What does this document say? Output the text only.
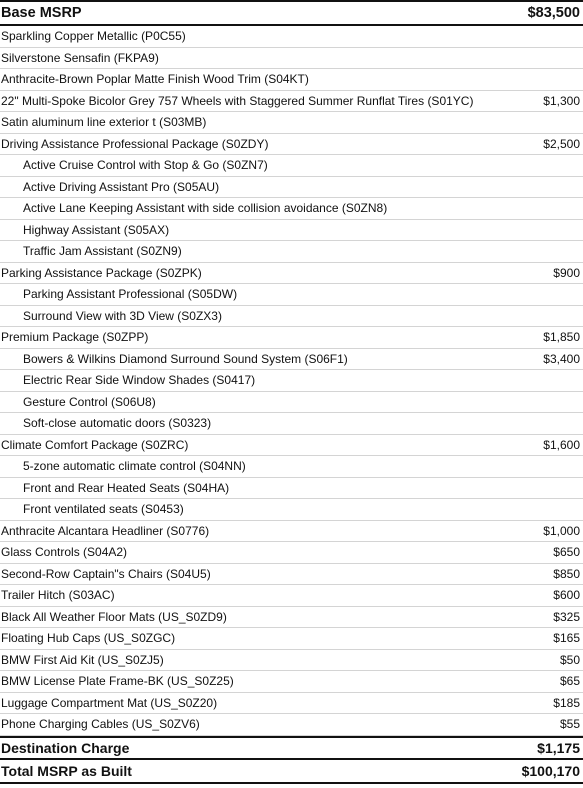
Base MSRP	$83,500
Sparkling Copper Metallic (P0C55)
Silverstone Sensafin (FKPA9)
Anthracite-Brown Poplar Matte Finish Wood Trim (S04KT)
22" Multi-Spoke Bicolor Grey 757 Wheels with Staggered Summer Runflat Tires (S01YC)	$1,300
Satin aluminum line exterior t (S03MB)
Driving Assistance Professional Package (S0ZDY)	$2,500
Active Cruise Control with Stop & Go (S0ZN7)
Active Driving Assistant Pro (S05AU)
Active Lane Keeping Assistant with side collision avoidance (S0ZN8)
Highway Assistant (S05AX)
Traffic Jam Assistant (S0ZN9)
Parking Assistance Package (S0ZPK)	$900
Parking Assistant Professional (S05DW)
Surround View with 3D View (S0ZX3)
Premium Package (S0ZPP)	$1,850
Bowers & Wilkins Diamond Surround Sound System (S06F1)	$3,400
Electric Rear Side Window Shades (S0417)
Gesture Control (S06U8)
Soft-close automatic doors (S0323)
Climate Comfort Package (S0ZRC)	$1,600
5-zone automatic climate control (S04NN)
Front and Rear Heated Seats (S04HA)
Front ventilated seats (S0453)
Anthracite Alcantara Headliner (S0776)	$1,000
Glass Controls (S04A2)	$650
Second-Row Captain"s Chairs (S04U5)	$850
Trailer Hitch (S03AC)	$600
Black All Weather Floor Mats (US_S0ZD9)	$325
Floating Hub Caps (US_S0ZGC)	$165
BMW First Aid Kit (US_S0ZJ5)	$50
BMW License Plate Frame-BK (US_S0Z25)	$65
Luggage Compartment Mat (US_S0Z20)	$185
Phone Charging Cables (US_S0ZV6)	$55
Destination Charge	$1,175
Total MSRP as Built	$100,170
